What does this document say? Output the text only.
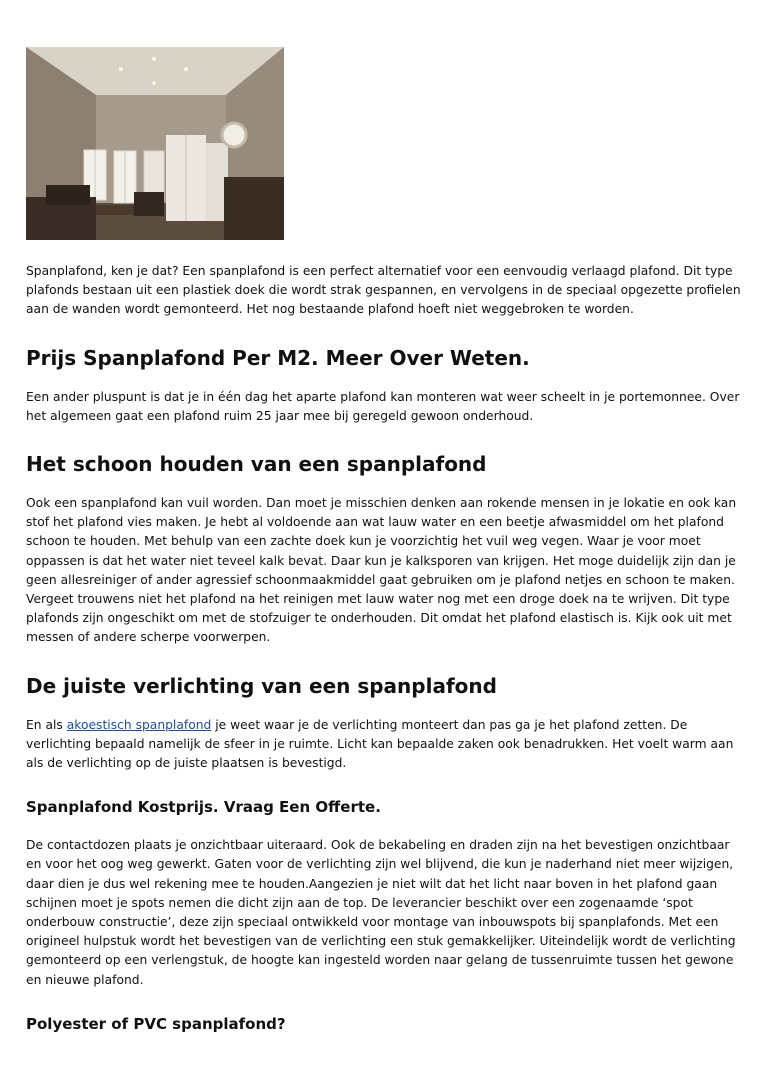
Spanplafond, ken je dat? Een spanplafond is een perfect alternatief voor een eenvoudig verlaagd plafond. Dit type plafonds bestaan uit een plastiek doek die wordt strak gespannen, en vervolgens in de speciaal opgezette profielen aan de wanden wordt gemonteerd. Het nog bestaande plafond hoeft niet weggebroken te worden.

Prijs Spanplafond Per M2. Meer Over Weten.

Een ander pluspunt is dat je in één dag het aparte plafond kan monteren wat weer scheelt in je portemonnee. Over het algemeen gaat een plafond ruim 25 jaar mee bij geregeld gewoon onderhoud.

Het schoon houden van een spanplafond

Ook een spanplafond kan vuil worden. Dan moet je misschien denken aan rokende mensen in je lokatie en ook kan stof het plafond vies maken. Je hebt al voldoende aan wat lauw water en een beetje afwasmiddel om het plafond schoon te houden. Met behulp van een zachte doek kun je voorzichtig het vuil weg vegen. Waar je voor moet oppassen is dat het water niet teveel kalk bevat. Daar kun je kalksporen van krijgen. Het moge duidelijk zijn dan je geen allesreiniger of ander agressief schoonmaakmiddel gaat gebruiken om je plafond netjes en schoon te maken. Vergeet trouwens niet het plafond na het reinigen met lauw water nog met een droge doek na te wrijven. Dit type plafonds zijn ongeschikt om met de stofzuiger te onderhouden. Dit omdat het plafond elastisch is. Kijk ook uit met messen of andere scherpe voorwerpen.

De juiste verlichting van een spanplafond

En als akoestisch spanplafond je weet waar je de verlichting monteert dan pas ga je het plafond zetten. De verlichting bepaald namelijk de sfeer in je ruimte. Licht kan bepaalde zaken ook benadrukken. Het voelt warm aan als de verlichting op de juiste plaatsen is bevestigd.

Spanplafond Kostprijs. Vraag Een Offerte.

De contactdozen plaats je onzichtbaar uiteraard. Ook de bekabeling en draden zijn na het bevestigen onzichtbaar en voor het oog weg gewerkt. Gaten voor de verlichting zijn wel blijvend, die kun je naderhand niet meer wijzigen, daar dien je dus wel rekening mee te houden.Aangezien je niet wilt dat het licht naar boven in het plafond gaan schijnen moet je spots nemen die dicht zijn aan de top. De leverancier beschikt over een zogenaamde ‘spot onderbouw constructie’, deze zijn speciaal ontwikkeld voor montage van inbouwspots bij spanplafonds. Met een origineel hulpstuk wordt het bevestigen van de verlichting een stuk gemakkelijker. Uiteindelijk wordt de verlichting gemonteerd op een verlengstuk, de hoogte kan ingesteld worden naar gelang de tussenruimte tussen het gewone en nieuwe plafond.

Polyester of PVC spanplafond?
